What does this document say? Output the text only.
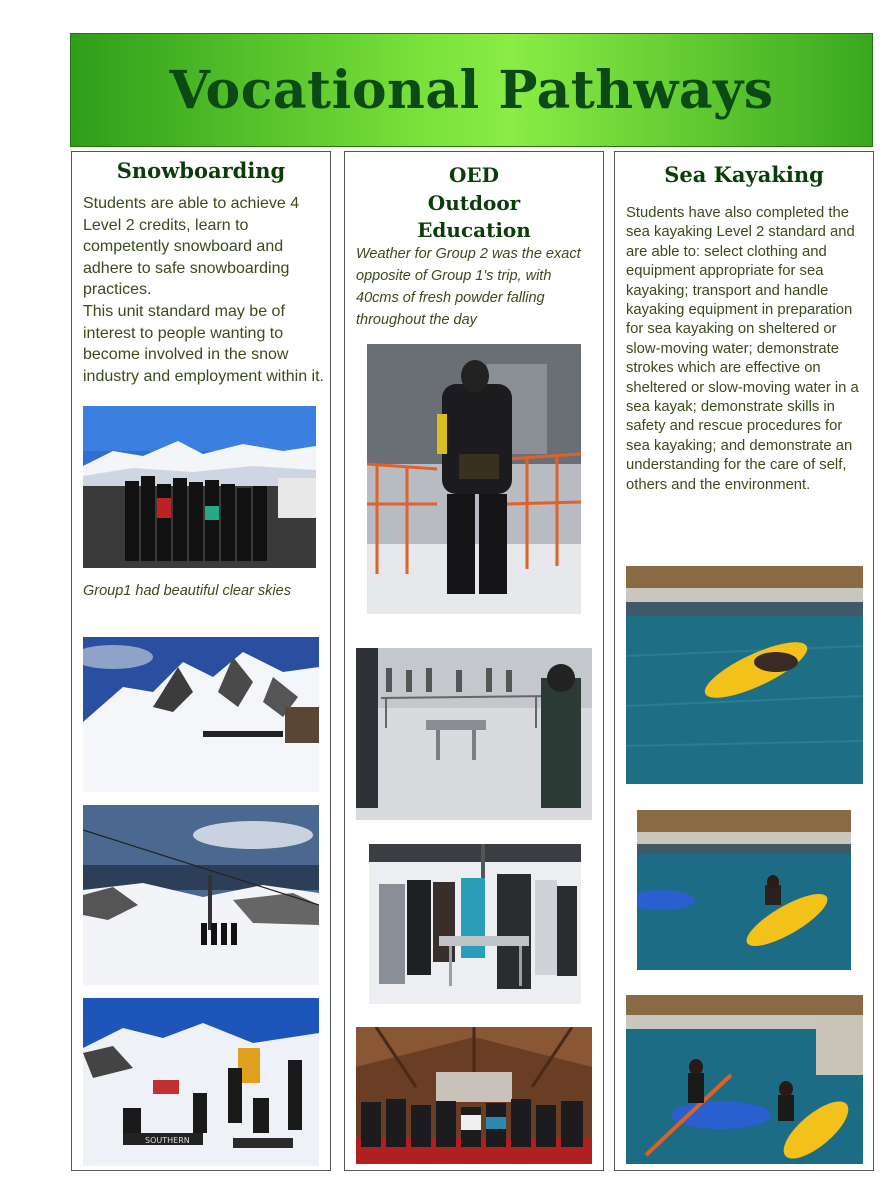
Vocational Pathways
Snowboarding

Students are able to achieve 4 Level 2 credits, learn to competently snowboard and adhere to safe snowboarding practices.

This unit standard may be of interest to people wanting to become involved in the snow industry and employment within it.

Group1 had beautiful clear skies

SOUTHERN
OED
Outdoor
Education

Weather for Group 2 was the exact opposite of Group 1's trip, with 40cms of fresh powder falling throughout the day

Sea Kayaking

Students have also completed the sea kayaking Level 2 standard and are able to: select clothing and equipment appropriate for sea kayaking; transport and handle kayaking equipment in preparation for sea kayaking on sheltered or slow-moving water; demonstrate strokes which are effective on sheltered or slow-moving water in a sea kayak; demonstrate skills in safety and rescue procedures for sea kayaking; and demonstrate an understanding for the care of self, others and the environment.
